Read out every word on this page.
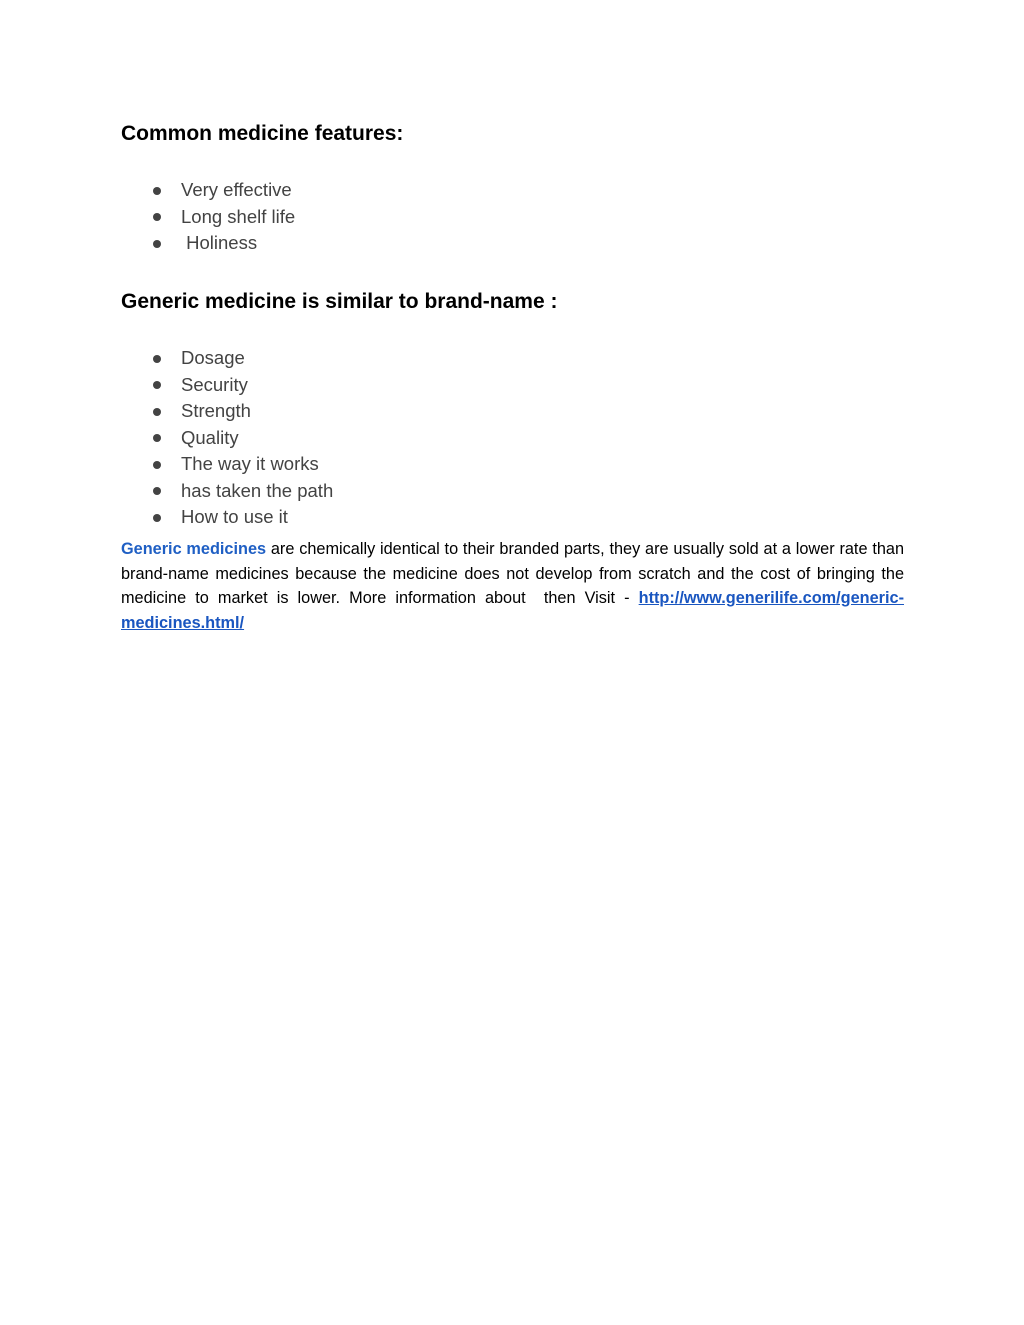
Common medicine features:
Very effective
Long shelf life
Holiness
Generic medicine is similar to brand-name :
Dosage
Security
Strength
Quality
The way it works
has taken the path
How to use it

Generic medicines are chemically identical to their branded parts, they are usually sold at a lower rate than brand-name medicines because the medicine does not develop from scratch and the cost of bringing the medicine to market is lower. More information about  then Visit - http://www.generilife.com/generic-medicines.html/
